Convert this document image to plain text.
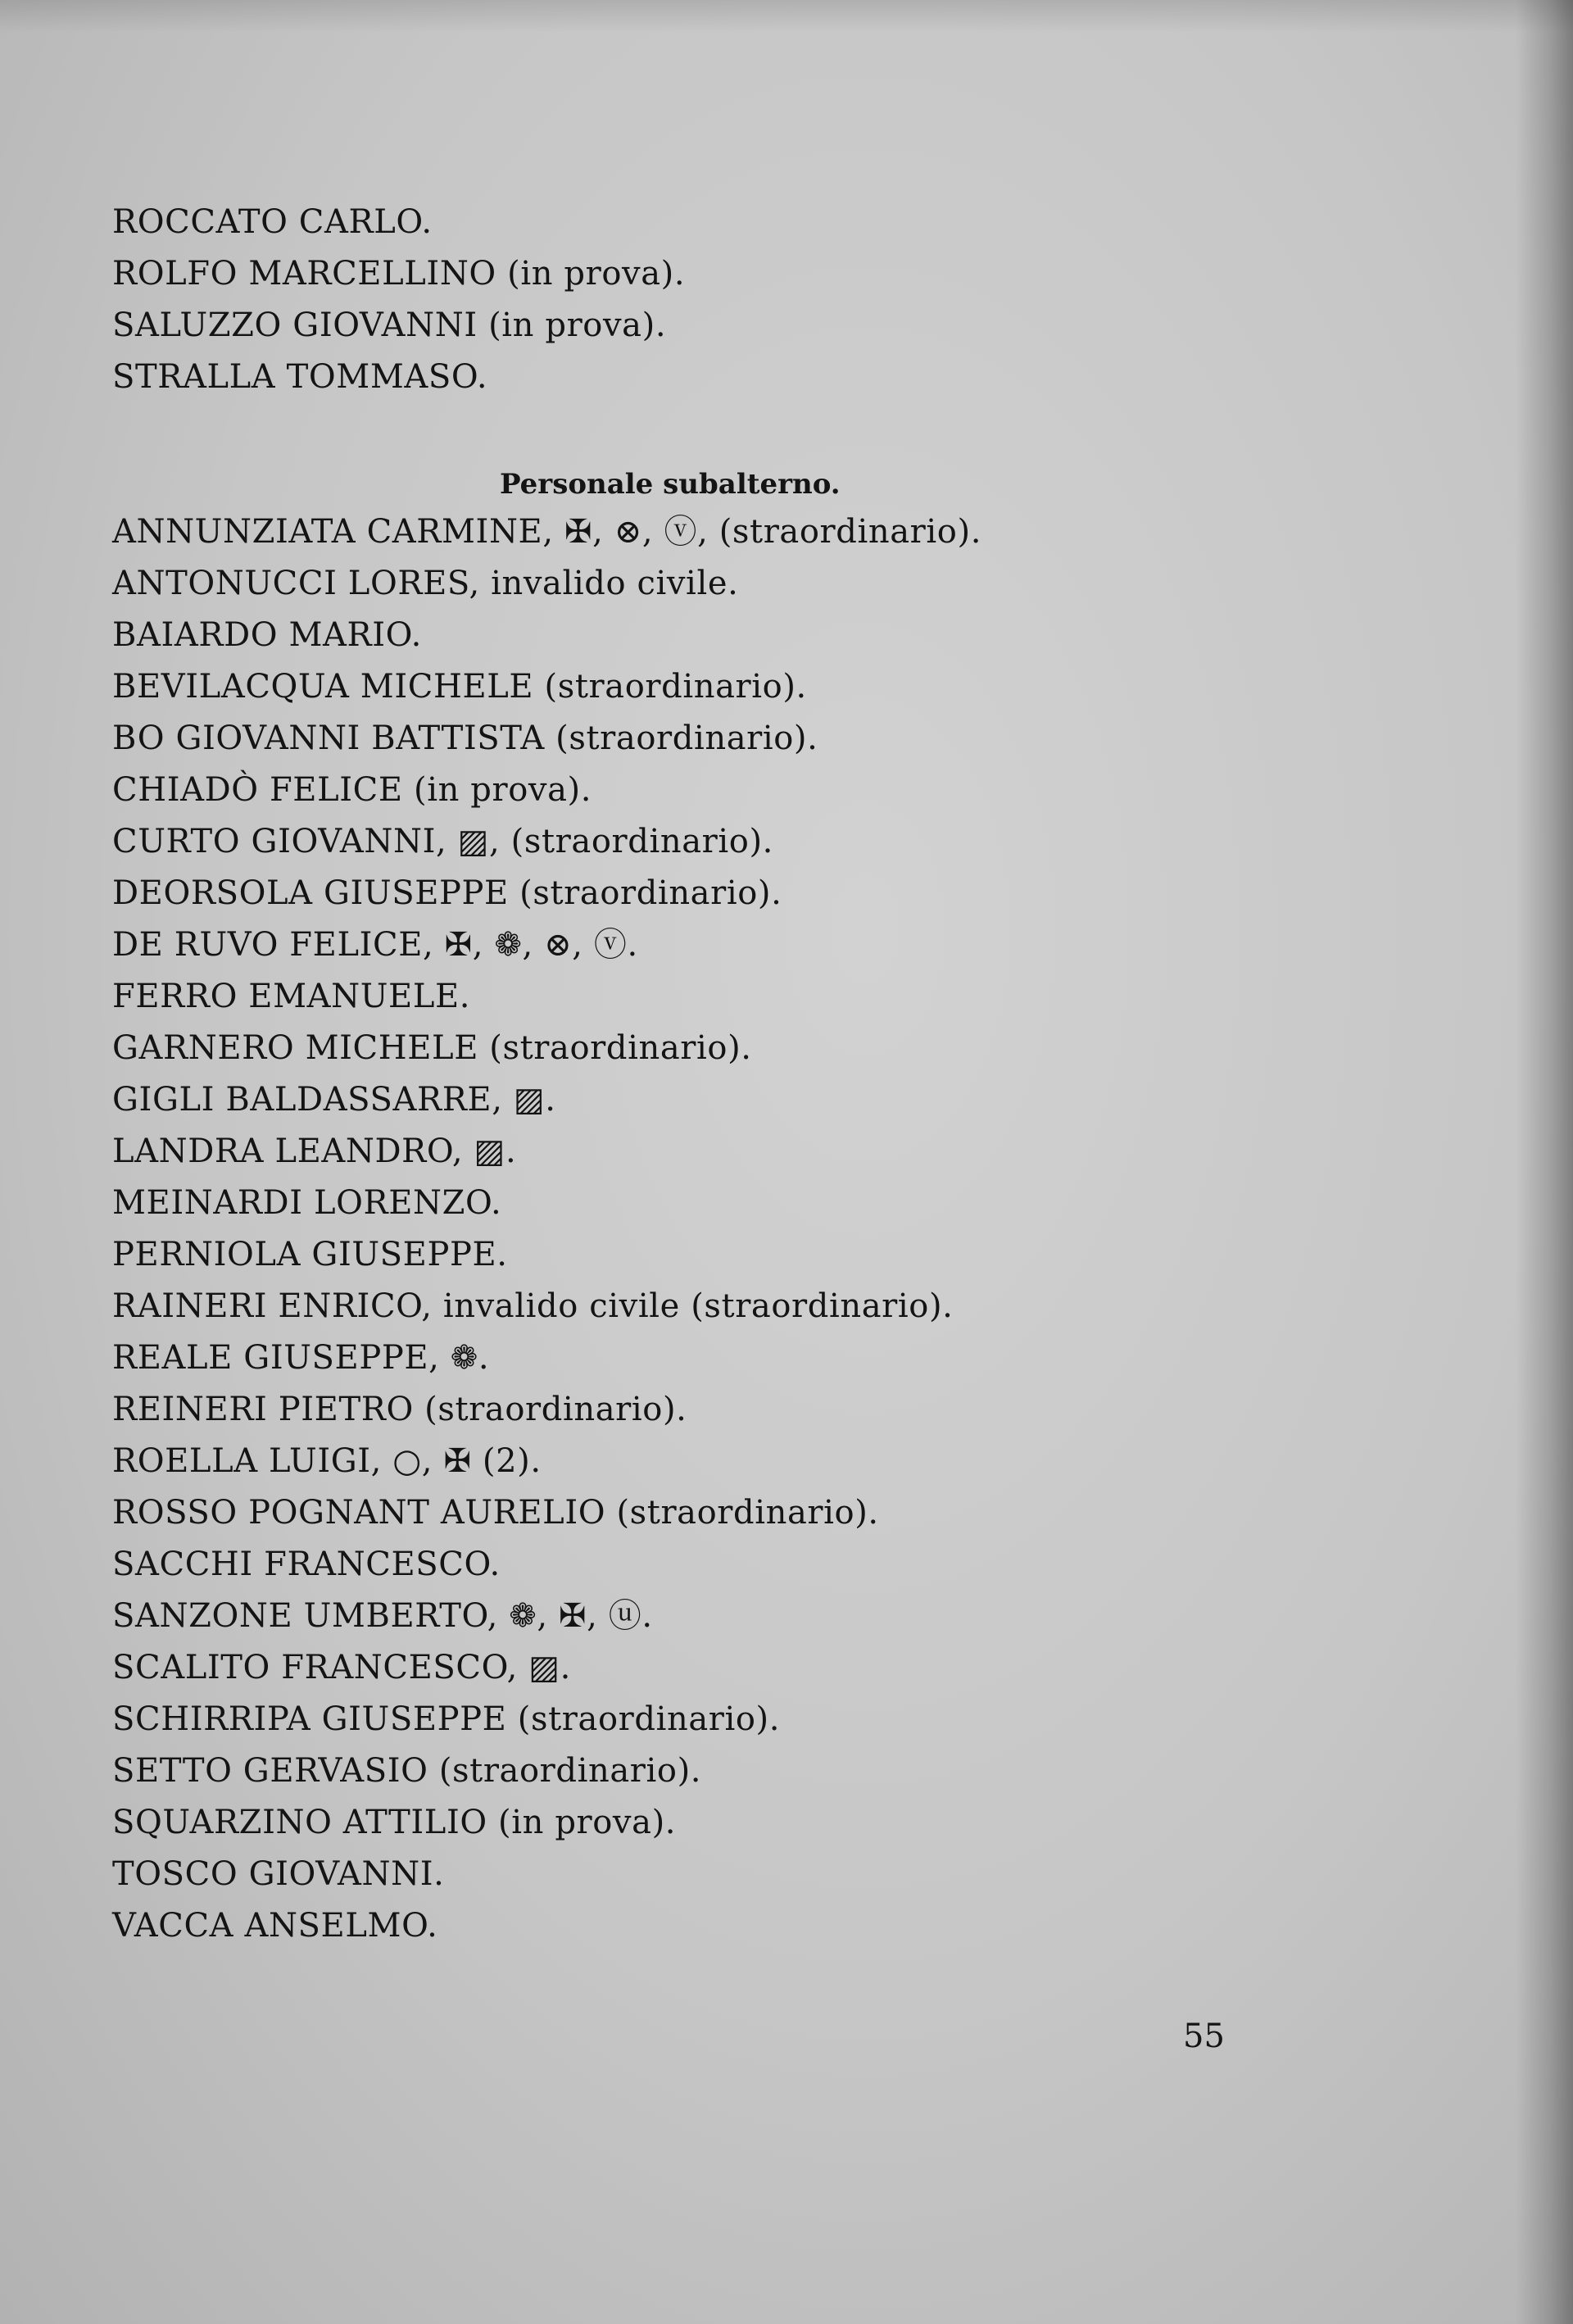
ROCCATO CARLO.
ROLFO MARCELLINO (in prova).
SALUZZO GIOVANNI (in prova).
STRALLA TOMMASO.
ANNUNZIATA CARMINE, ✠, ⊗, ⓥ, (straordinario).
ANTONUCCI LORES, invalido civile.
BAIARDO MARIO.
BEVILACQUA MICHELE (straordinario).
BO GIOVANNI BATTISTA (straordinario).
CHIADÒ FELICE (in prova).
CURTO GIOVANNI, ▨, (straordinario).
DEORSOLA GIUSEPPE (straordinario).
DE RUVO FELICE, ✠, ❁, ⊗, ⓥ.
FERRO EMANUELE.
GARNERO MICHELE (straordinario).
GIGLI BALDASSARRE, ▨.
LANDRA LEANDRO, ▨.
MEINARDI LORENZO.
PERNIOLA GIUSEPPE.
RAINERI ENRICO, invalido civile (straordinario).
REALE GIUSEPPE, ❁.
REINERI PIETRO (straordinario).
ROELLA LUIGI, ○, ✠ (2).
ROSSO POGNANT AURELIO (straordinario).
SACCHI FRANCESCO.
SANZONE UMBERTO, ❁, ✠, ⓤ.
SCALITO FRANCESCO, ▨.
SCHIRRIPA GIUSEPPE (straordinario).
SETTO GERVASIO (straordinario).
SQUARZINO ATTILIO (in prova).
TOSCO GIOVANNI.
VACCA ANSELMO.
Personale subalterno.
55
